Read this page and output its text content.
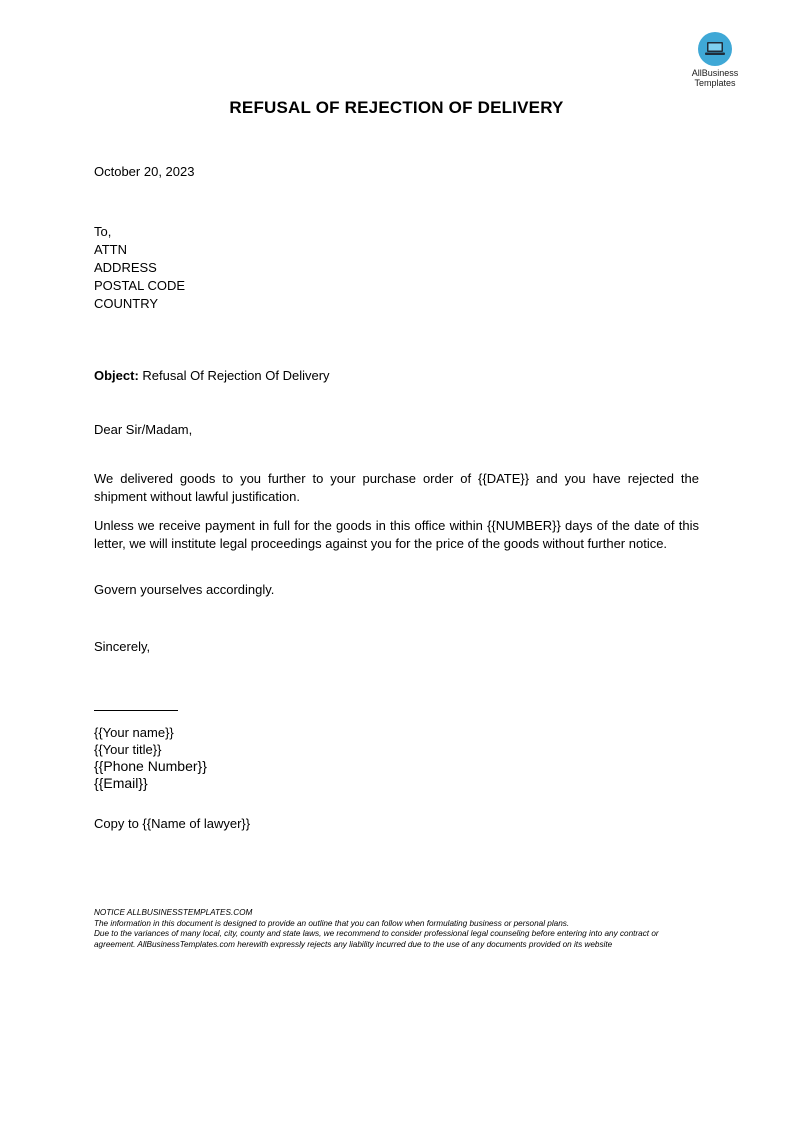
AllBusiness
Templates
REFUSAL OF REJECTION OF DELIVERY
October 20, 2023
To,
ATTN
ADDRESS
POSTAL CODE
COUNTRY
Object: Refusal Of Rejection Of Delivery
Dear Sir/Madam,
We delivered goods to you further to your purchase order of {{DATE}} and you have rejected the shipment without lawful justification.
Unless we receive payment in full for the goods in this office within {{NUMBER}} days of the date of this letter, we will institute legal proceedings against you for the price of the goods without further notice.
Govern yourselves accordingly.
Sincerely,
{{Your name}}
{{Your title}}
{{Phone Number}}
{{Email}}
Copy to {{Name of lawyer}}
NOTICE ALLBUSINESSTEMPLATES.COM
The information in this document is designed to provide an outline that you can follow when formulating business or personal plans.
Due to the variances of many local, city, county and state laws, we recommend to consider professional legal counseling before entering into any contract or agreement. AllBusinessTemplates.com herewith expressly rejects any liability incurred due to the use of any documents provided on its website
